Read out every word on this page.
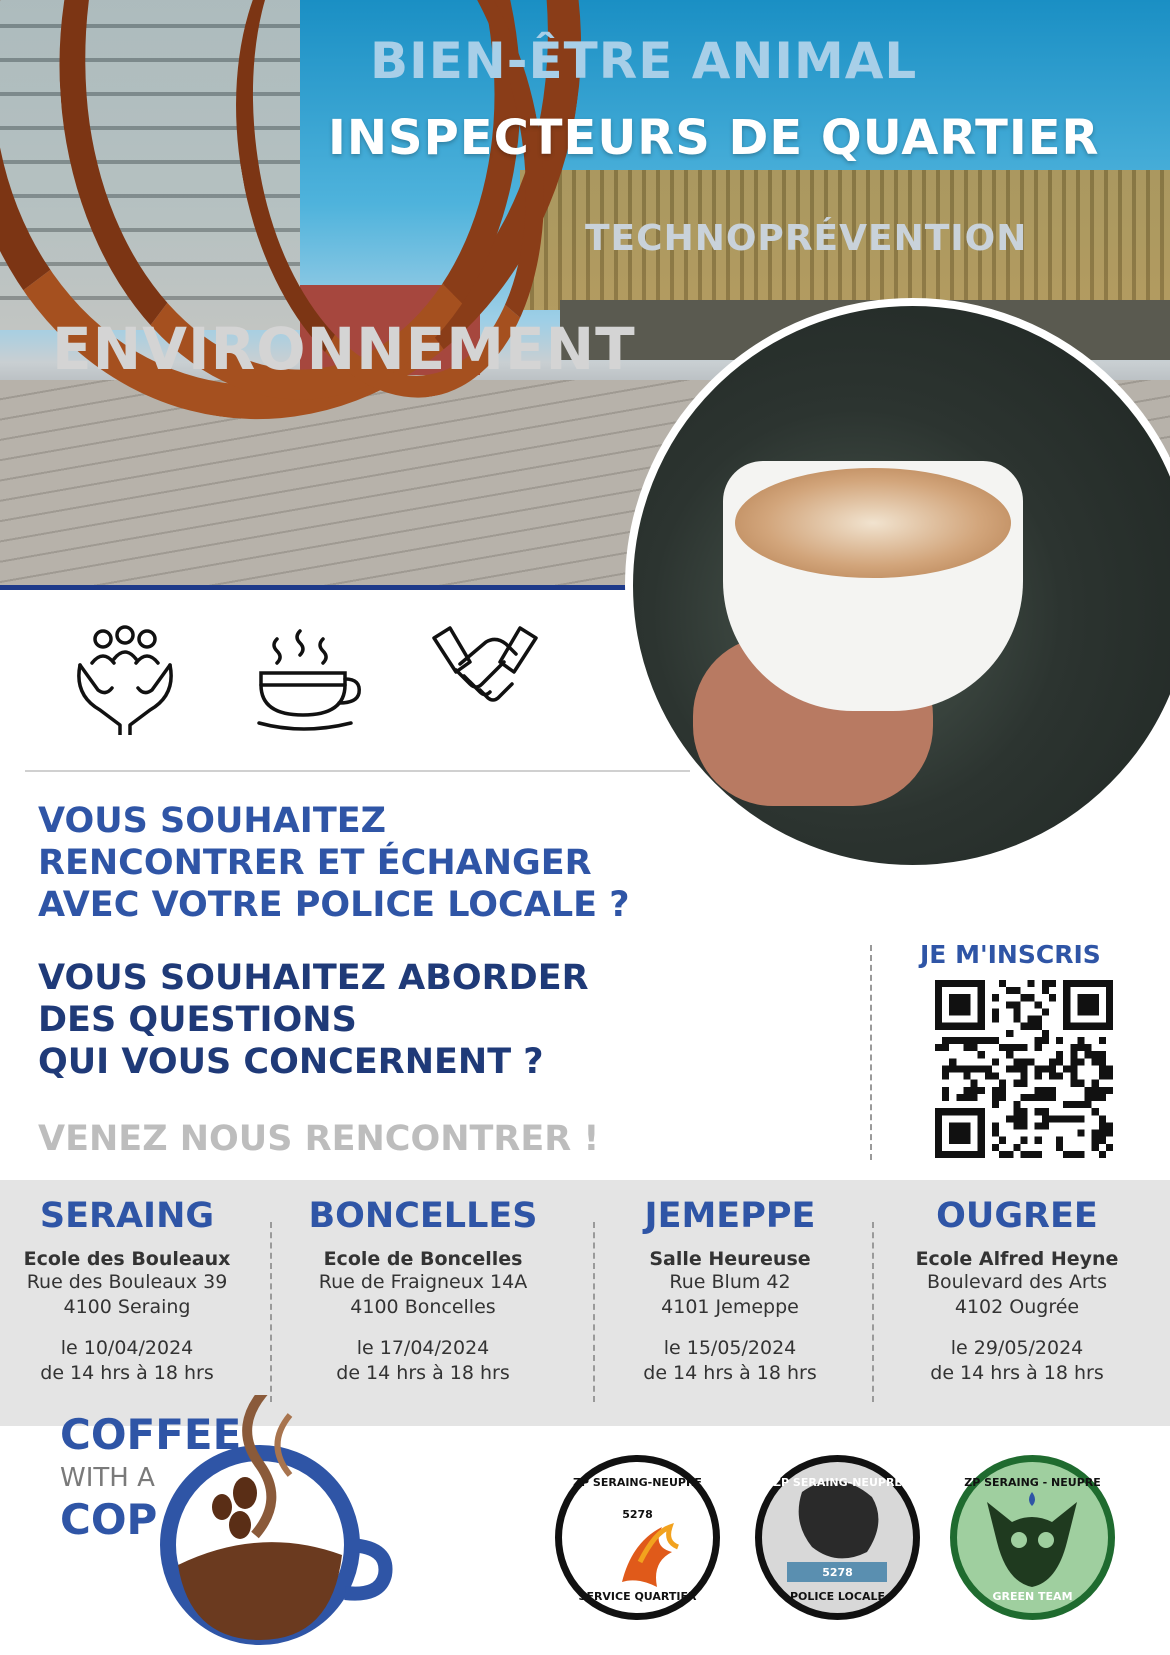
BIEN-ÊTRE ANIMAL
INSPECTEURS DE QUARTIER
TECHNOPRÉVENTION
ENVIRONNEMENT
VOUS SOUHAITEZ
RENCONTRER ET ÉCHANGER
AVEC VOTRE POLICE LOCALE ?
VOUS SOUHAITEZ ABORDER
DES QUESTIONS
QUI VOUS CONCERNENT ?
VENEZ NOUS RENCONTRER !
JE M'INSCRIS
SERAING
Ecole des Bouleaux
Rue des Bouleaux 39
4100 Seraing
le 10/04/2024
de 14 hrs à 18 hrs
BONCELLES
Ecole de Boncelles
Rue de Fraigneux 14A
4100 Boncelles
le 17/04/2024
de 14 hrs à 18 hrs
JEMEPPE
Salle Heureuse
Rue Blum 42
4101 Jemeppe
le 15/05/2024
de 14 hrs à 18 hrs
OUGREE
Ecole Alfred Heyne
Boulevard des Arts
4102 Ougrée
le 29/05/2024
de 14 hrs à 18 hrs
COFFEE
WITH A
COP
ZP SERAING-NEUPRE
5278
SERVICE QUARTIER
ZP SERAING-NEUPRE
5278
POLICE LOCALE
ZP SERAING - NEUPRE
GREEN TEAM
